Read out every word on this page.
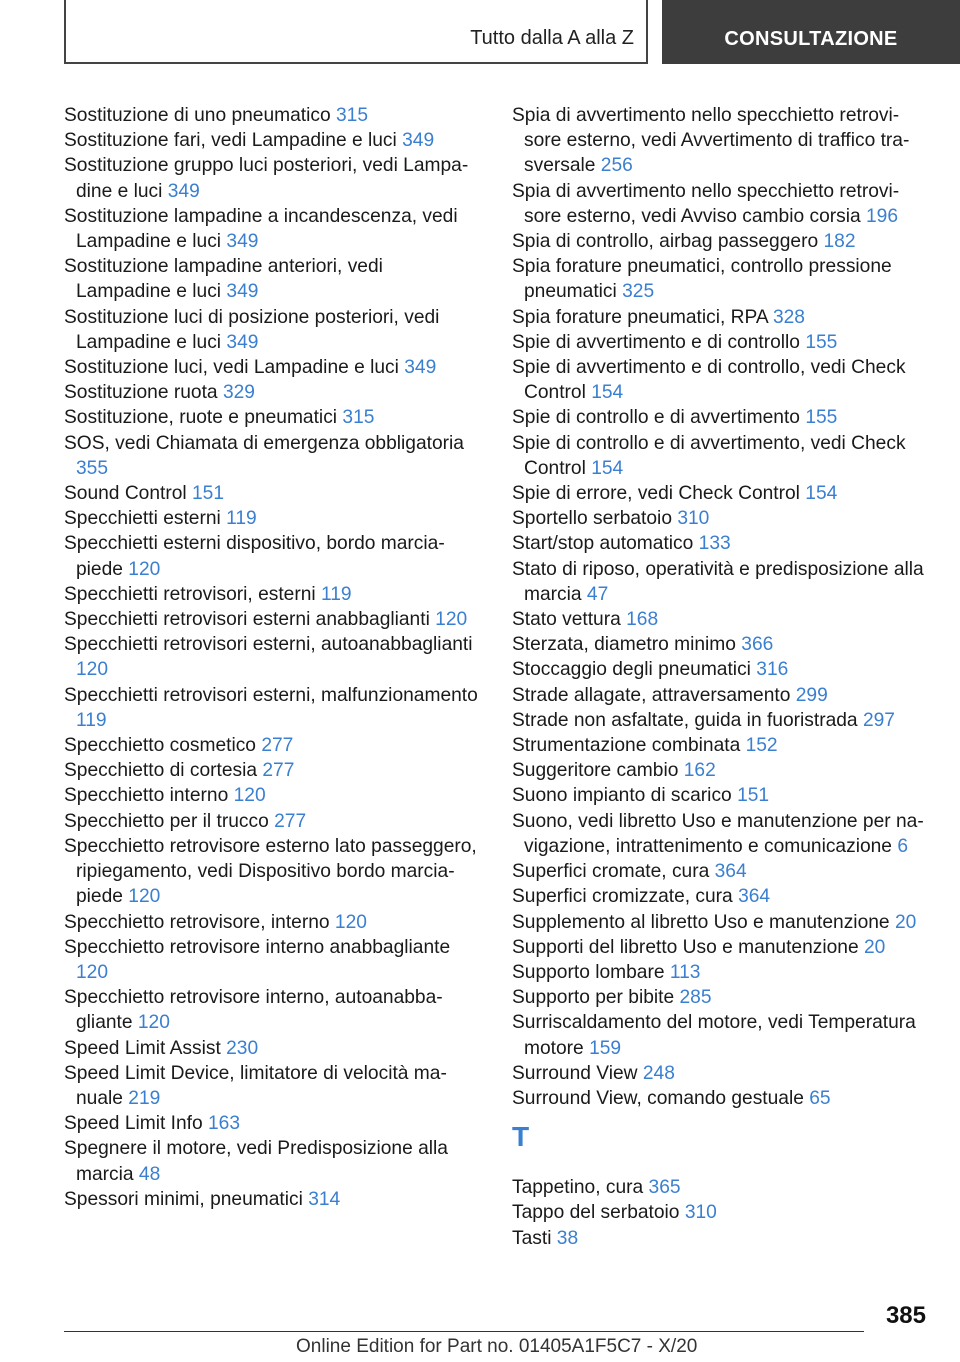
Tutto dalla A alla Z	CONSULTAZIONE
Sostituzione di uno pneumatico 315
Sostituzione fari, vedi Lampadine e luci 349
Sostituzione gruppo luci posteriori, vedi Lampadine e luci 349
Sostituzione lampadine a incandescenza, vedi Lampadine e luci 349
Sostituzione lampadine anteriori, vedi Lampadine e luci 349
Sostituzione luci di posizione posteriori, vedi Lampadine e luci 349
Sostituzione luci, vedi Lampadine e luci 349
Sostituzione ruota 329
Sostituzione, ruote e pneumatici 315
SOS, vedi Chiamata di emergenza obbligatoria 355
Sound Control 151
Specchietti esterni 119
Specchietti esterni dispositivo, bordo marciapiede 120
Specchietti retrovisori, esterni 119
Specchietti retrovisori esterni anabbaglianti 120
Specchietti retrovisori esterni, autoanabbaglianti 120
Specchietti retrovisori esterni, malfunzionamento 119
Specchietto cosmetico 277
Specchietto di cortesia 277
Specchietto interno 120
Specchietto per il trucco 277
Specchietto retrovisore esterno lato passeggero, ripiegamento, vedi Dispositivo bordo marciapiede 120
Specchietto retrovisore, interno 120
Specchietto retrovisore interno anabbagliante 120
Specchietto retrovisore interno, autoanabbagliante 120
Speed Limit Assist 230
Speed Limit Device, limitatore di velocità manuale 219
Speed Limit Info 163
Spegnere il motore, vedi Predisposizione alla marcia 48
Spessori minimi, pneumatici 314
Spia di avvertimento nello specchietto retrovisore esterno, vedi Avvertimento di traffico trasversale 256
Spia di avvertimento nello specchietto retrovisore esterno, vedi Avviso cambio corsia 196
Spia di controllo, airbag passeggero 182
Spia forature pneumatici, controllo pressione pneumatici 325
Spia forature pneumatici, RPA 328
Spie di avvertimento e di controllo 155
Spie di avvertimento e di controllo, vedi Check Control 154
Spie di controllo e di avvertimento 155
Spie di controllo e di avvertimento, vedi Check Control 154
Spie di errore, vedi Check Control 154
Sportello serbatoio 310
Start/stop automatico 133
Stato di riposo, operatività e predisposizione alla marcia 47
Stato vettura 168
Sterzata, diametro minimo 366
Stoccaggio degli pneumatici 316
Strade allagate, attraversamento 299
Strade non asfaltate, guida in fuoristrada 297
Strumentazione combinata 152
Suggeritore cambio 162
Suono impianto di scarico 151
Suono, vedi libretto Uso e manutenzione per navigazione, intrattenimento e comunicazione 6
Superfici cromate, cura 364
Superfici cromizzate, cura 364
Supplemento al libretto Uso e manutenzione 20
Supporti del libretto Uso e manutenzione 20
Supporto lombare 113
Supporto per bibite 285
Surriscaldamento del motore, vedi Temperatura motore 159
Surround View 248
Surround View, comando gestuale 65
T
Tappetino, cura 365
Tappo del serbatoio 310
Tasti 38
385
Online Edition for Part no. 01405A1F5C7 - X/20
